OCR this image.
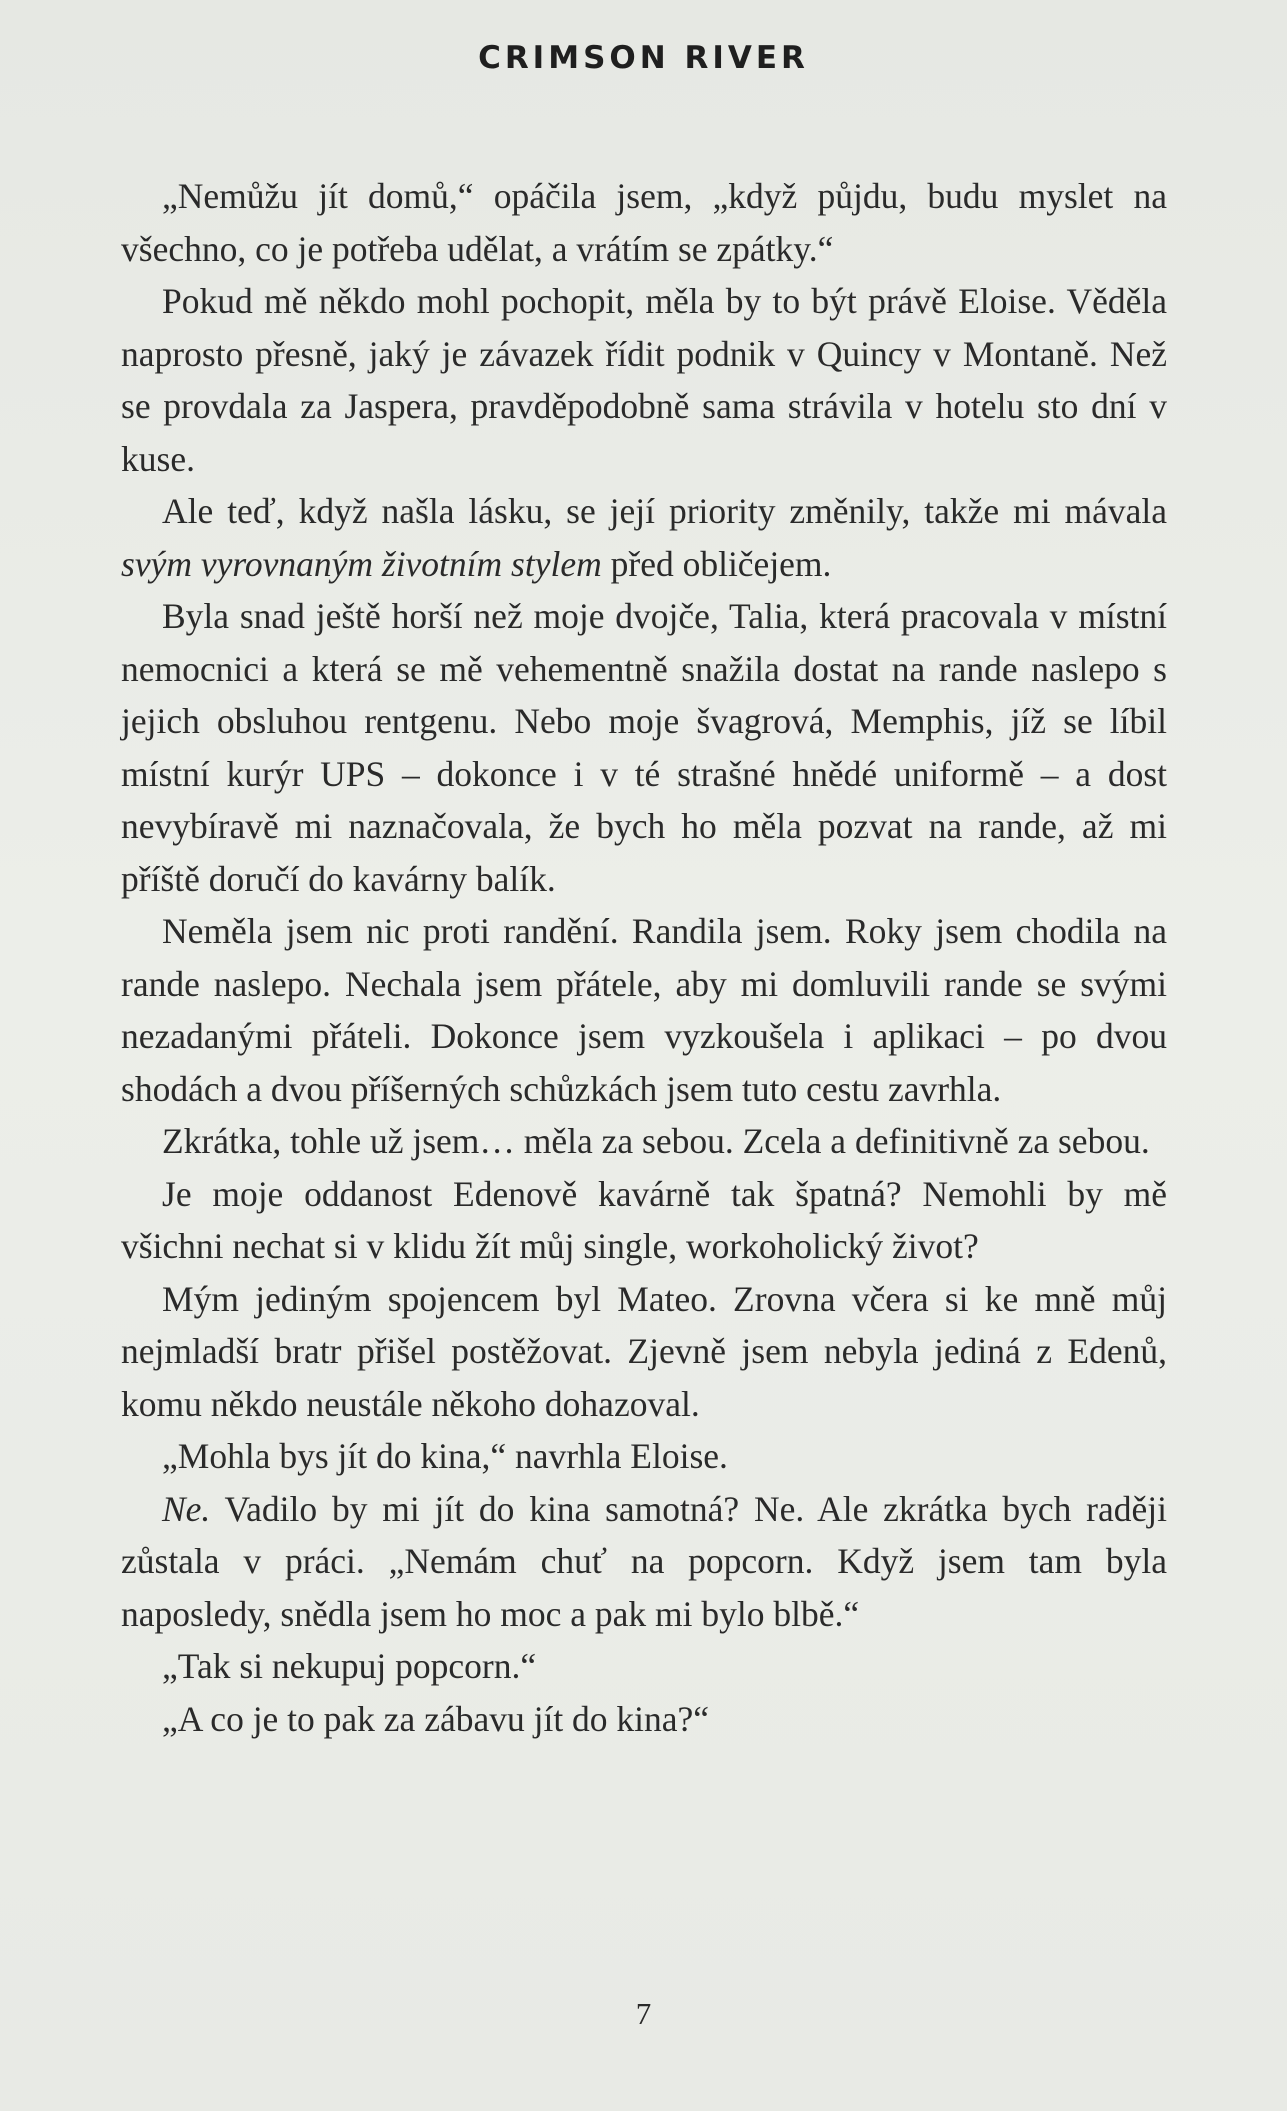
CRIMSON RIVER

„Nemůžu jít domů,“ opáčila jsem, „když půjdu, budu myslet na všechno, co je potřeba udělat, a vrátím se zpátky.“

Pokud mě někdo mohl pochopit, měla by to být právě Eloise. Věděla naprosto přesně, jaký je závazek řídit podnik v Quincy v Montaně. Než se provdala za Jaspera, pravděpodobně sama strávila v hotelu sto dní v kuse.

Ale teď, když našla lásku, se její priority změnily, takže mi mávala svým vyrovnaným životním stylem před obličejem.

Byla snad ještě horší než moje dvojče, Talia, která pracovala v místní nemocnici a která se mě vehementně snažila dostat na rande naslepo s jejich obsluhou rentgenu. Nebo moje švagrová, Memphis, jíž se líbil místní kurýr UPS – dokonce i v té strašné hnědé uniformě – a dost nevybíravě mi naznačovala, že bych ho měla pozvat na rande, až mi příště doručí do kavárny balík.

Neměla jsem nic proti randění. Randila jsem. Roky jsem chodila na rande naslepo. Nechala jsem přátele, aby mi domluvili rande se svými nezadanými přáteli. Dokonce jsem vyzkoušela i aplikaci – po dvou shodách a dvou příšerných schůzkách jsem tuto cestu zavrhla.

Zkrátka, tohle už jsem… měla za sebou. Zcela a definitivně za sebou.

Je moje oddanost Edenově kavárně tak špatná? Nemohli by mě všichni nechat si v klidu žít můj single, workoholický život?

Mým jediným spojencem byl Mateo. Zrovna včera si ke mně můj nejmladší bratr přišel postěžovat. Zjevně jsem nebyla jediná z Edenů, komu někdo neustále někoho dohazoval.

„Mohla bys jít do kina,“ navrhla Eloise.

Ne. Vadilo by mi jít do kina samotná? Ne. Ale zkrátka bych raději zůstala v práci. „Nemám chuť na popcorn. Když jsem tam byla naposledy, snědla jsem ho moc a pak mi bylo blbě.“

„Tak si nekupuj popcorn.“

„A co je to pak za zábavu jít do kina?“

7
